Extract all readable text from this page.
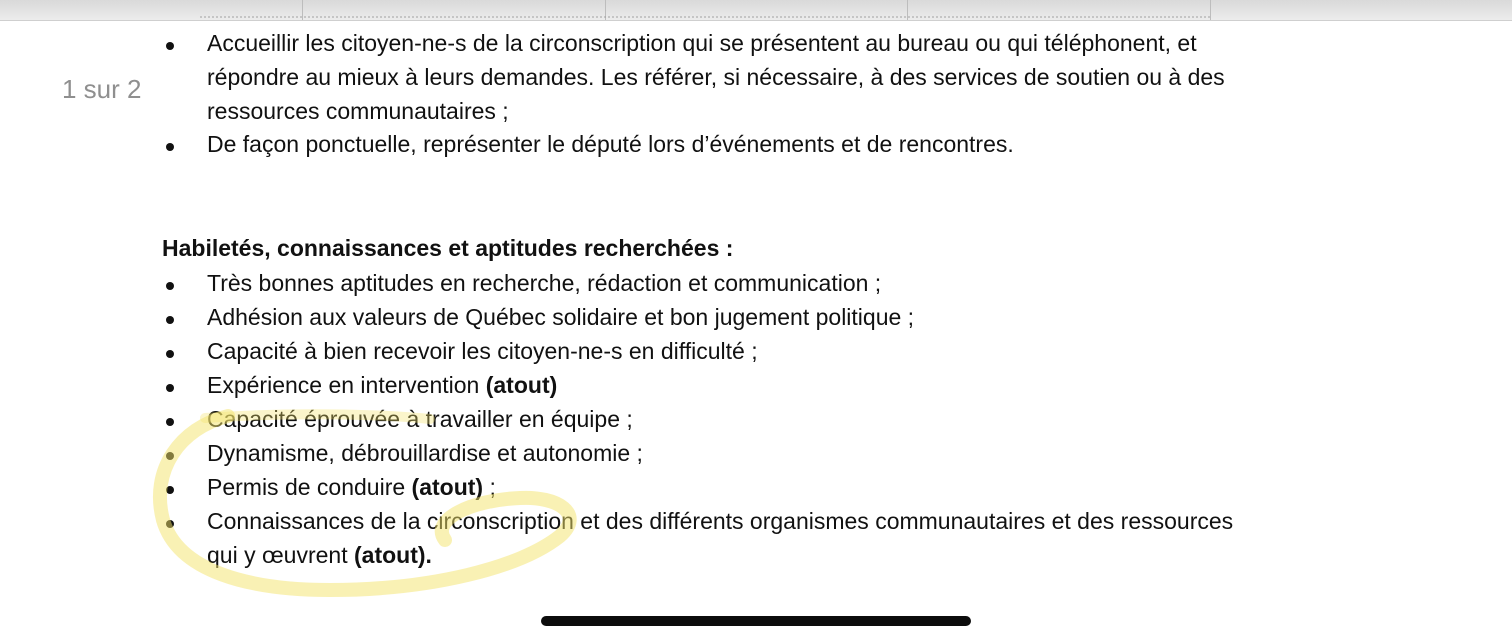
1 sur 2
Accueillir les citoyen-ne-s de la circonscription qui se présentent au bureau ou qui téléphonent, et
répondre au mieux à leurs demandes. Les référer, si nécessaire, à des services de soutien ou à des
ressources communautaires ;
De façon ponctuelle, représenter le député lors d’événements et de rencontres.
Habiletés, connaissances et aptitudes recherchées :
Très bonnes aptitudes en recherche, rédaction et communication ;
Adhésion aux valeurs de Québec solidaire et bon jugement politique ;
Capacité à bien recevoir les citoyen-ne-s en difficulté ;
Expérience en intervention (atout)
Capacité éprouvée à travailler en équipe ;
Dynamisme, débrouillardise et autonomie ;
Permis de conduire (atout) ;
Connaissances de la circonscription et des différents organismes communautaires et des ressources
qui y œuvrent (atout).
